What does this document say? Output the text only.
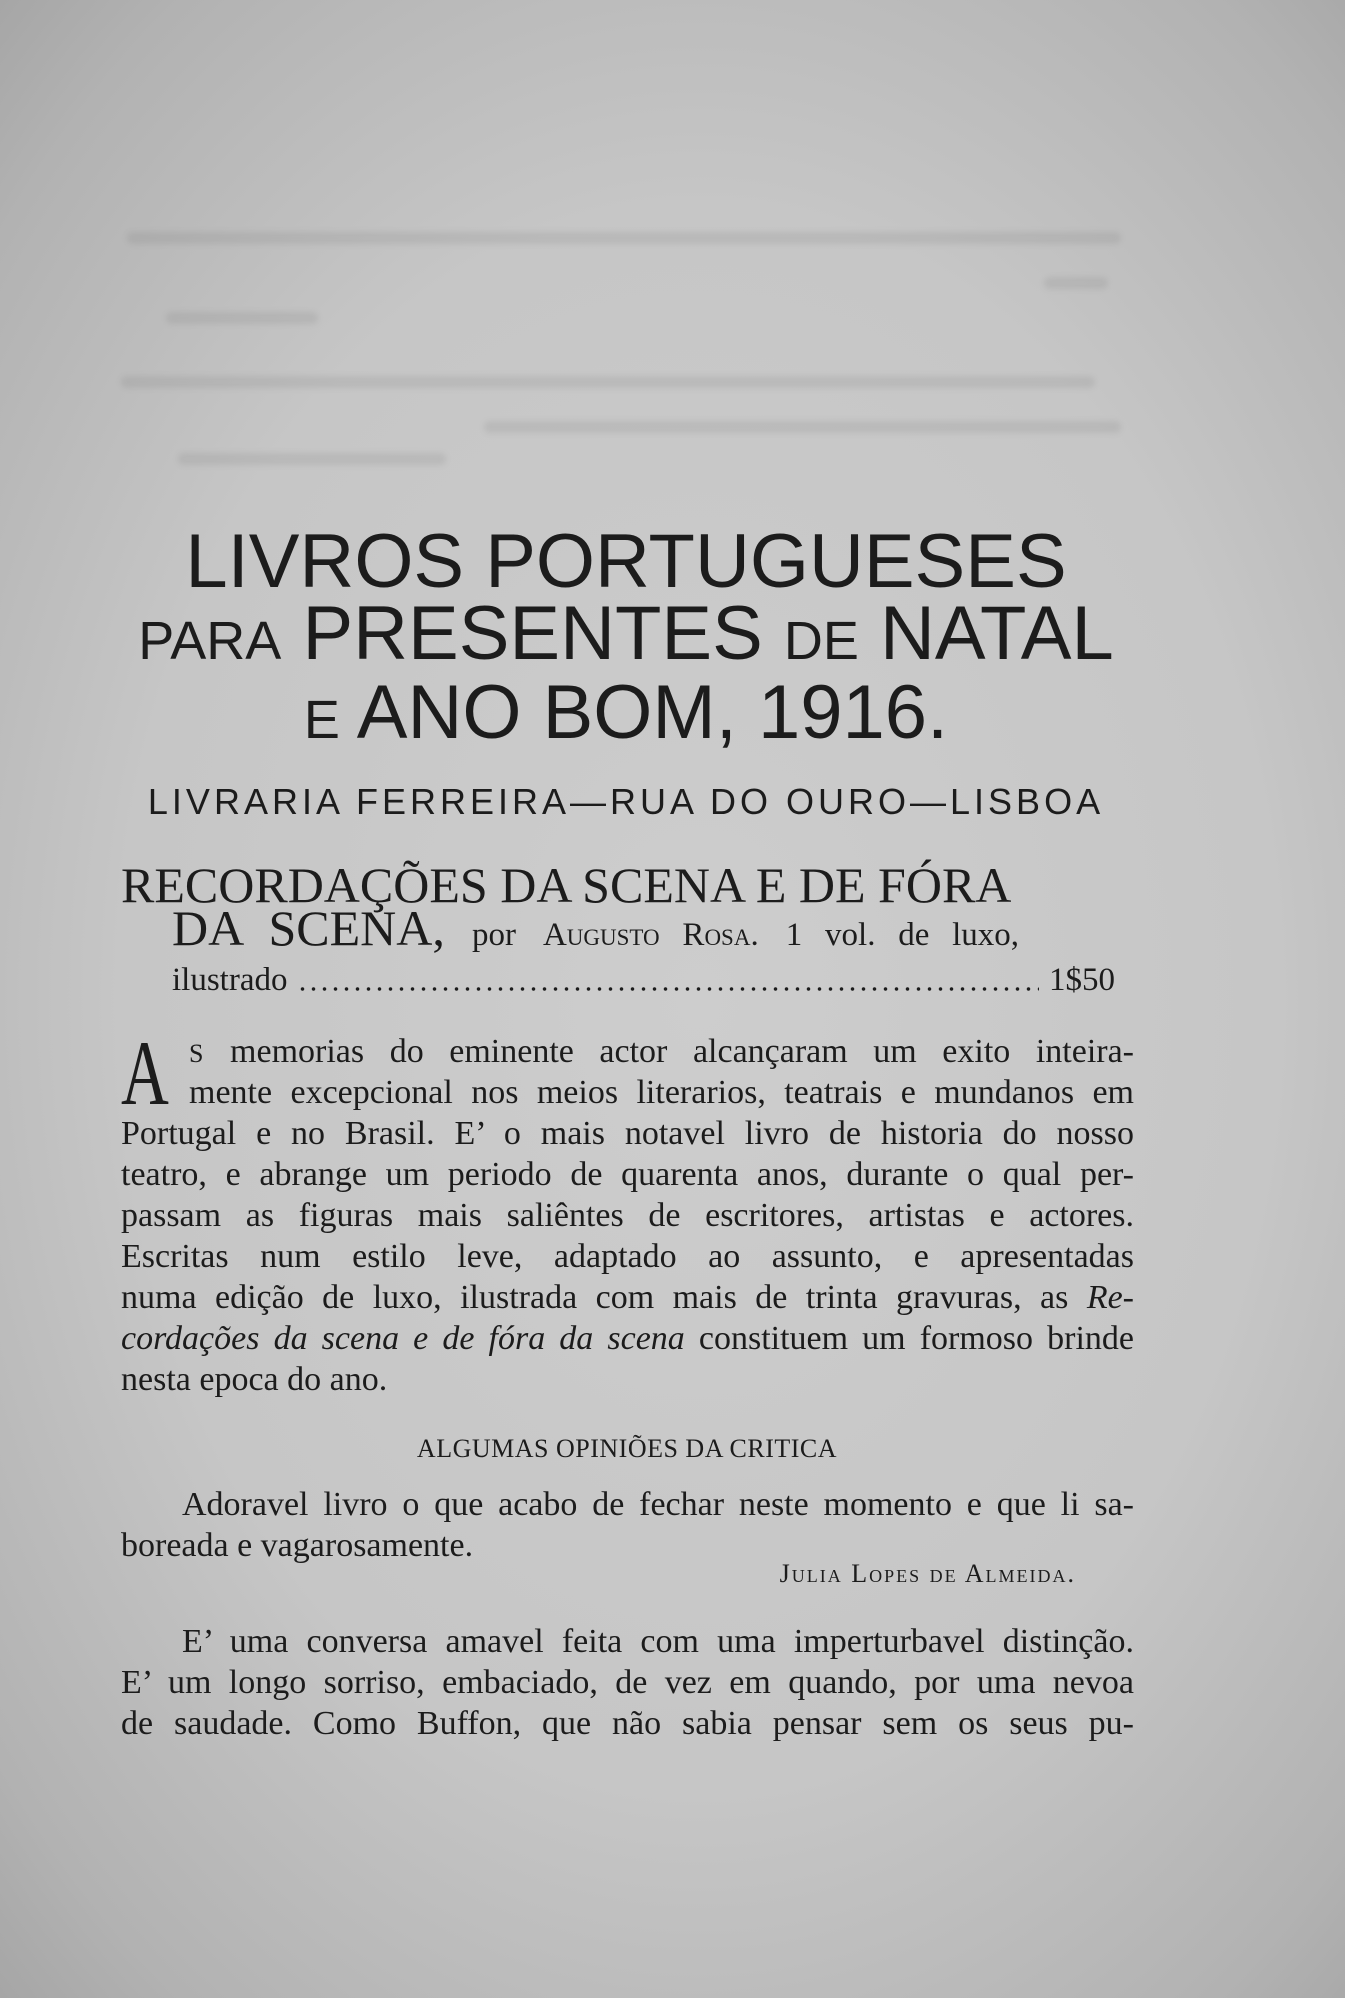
LIVROS PORTUGUESES
PARA PRESENTES DE NATAL
E ANO BOM, 1916.
LIVRARIA FERREIRA—RUA DO OURO—LISBOA
RECORDAÇÕES DA SCENA E DE FÓRA
DA SCENA, por Augusto Rosa. 1 vol. de luxo,
ilustrado	1$50
A S memorias do eminente actor alcançaram um exito inteira-
mente excepcional nos meios literarios, teatrais e mundanos em
Portugal e no Brasil. E’ o mais notavel livro de historia do nosso
teatro, e abrange um periodo de quarenta anos, durante o qual per-
passam as figuras mais saliêntes de escritores, artistas e actores.
Escritas num estilo leve, adaptado ao assunto, e apresentadas
numa edição de luxo, ilustrada com mais de trinta gravuras, as Re-
cordações da scena e de fóra da scena constituem um formoso brinde
nesta epoca do ano.
ALGUMAS OPINIÕES DA CRITICA
Adoravel livro o que acabo de fechar neste momento e que li sa-
boreada e vagarosamente.
Julia Lopes de Almeida.
E’ uma conversa amavel feita com uma imperturbavel distinção.
E’ um longo sorriso, embaciado, de vez em quando, por uma nevoa
de saudade. Como Buffon, que não sabia pensar sem os seus pu-
